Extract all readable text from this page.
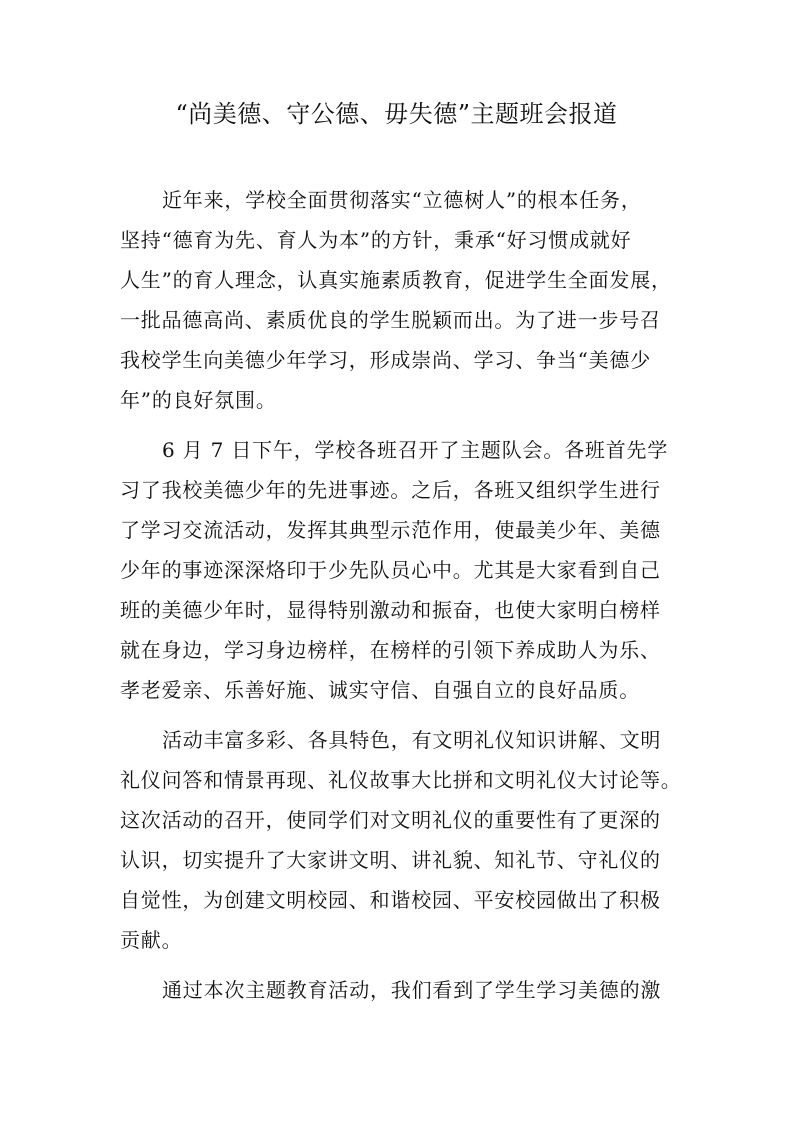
“尚美德、守公德、毋失德”主题班会报道
近年来，学校全面贯彻落实“立德树人”的根本任务，
坚持“德育为先、育人为本”的方针，秉承“好习惯成就好
人生”的育人理念，认真实施素质教育，促进学生全面发展，
一批品德高尚、素质优良的学生脱颖而出。为了进一步号召
我校学生向美德少年学习，形成崇尚、学习、争当“美德少
年”的良好氛围。
6 月 7 日下午，学校各班召开了主题队会。各班首先学
习了我校美德少年的先进事迹。之后，各班又组织学生进行
了学习交流活动，发挥其典型示范作用，使最美少年、美德
少年的事迹深深烙印于少先队员心中。尤其是大家看到自己
班的美德少年时，显得特别激动和振奋，也使大家明白榜样
就在身边，学习身边榜样，在榜样的引领下养成助人为乐、
孝老爱亲、乐善好施、诚实守信、自强自立的良好品质。
活动丰富多彩、各具特色，有文明礼仪知识讲解、文明
礼仪问答和情景再现、礼仪故事大比拼和文明礼仪大讨论等。
这次活动的召开，使同学们对文明礼仪的重要性有了更深的
认识，切实提升了大家讲文明、讲礼貌、知礼节、守礼仪的
自觉性，为创建文明校园、和谐校园、平安校园做出了积极
贡献。
通过本次主题教育活动，我们看到了学生学习美德的激
